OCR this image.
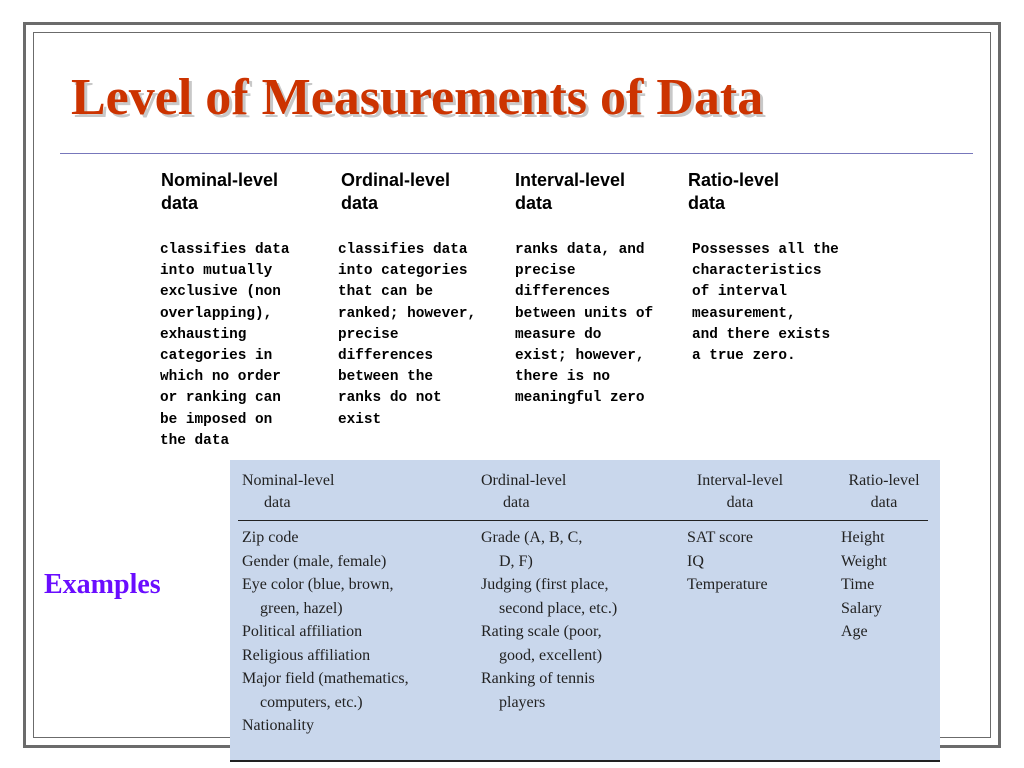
Level of Measurements of Data
Nominal-level
data
Ordinal-level
data
Interval-level
data
Ratio-level
data
classifies data
into mutually
exclusive (non
overlapping),
exhausting
categories in
which no order
or ranking can
be imposed on
the data
classifies data
into categories
that can be
ranked; however,
precise
differences
between the
ranks do not
exist
ranks data, and
precise
differences
between units of
measure do
exist; however,
there is no
meaningful zero
Possesses all the
characteristics
of interval
measurement,
and there exists
a true zero.
Examples
Nominal-level
data
Ordinal-level
data
Interval-level
data
Ratio-level
data
Zip code
Gender (male, female)
Eye color (blue, brown,
green, hazel)
Political affiliation
Religious affiliation
Major field (mathematics,
computers, etc.)
Nationality
Grade (A, B, C,
D, F)
Judging (first place,
second place, etc.)
Rating scale (poor,
good, excellent)
Ranking of tennis
players
SAT score
IQ
Temperature
Height
Weight
Time
Salary
Age
